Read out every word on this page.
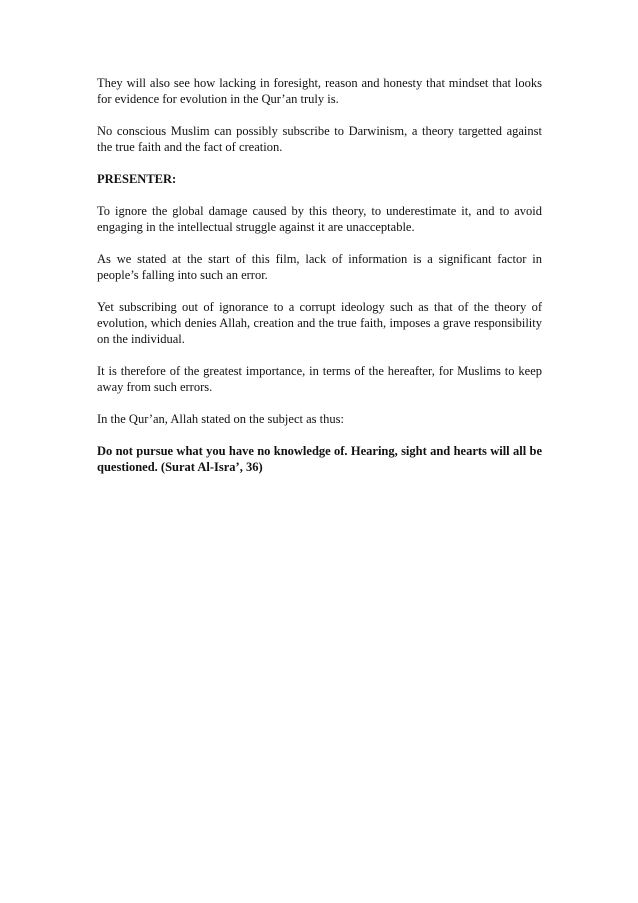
They will also see how lacking in foresight, reason and honesty that mindset that looks for evidence for evolution in the Qur’an truly is.

No conscious Muslim can possibly subscribe to Darwinism, a theory targetted against the true faith and the fact of creation.

PRESENTER:

To ignore the global damage caused by this theory, to underestimate it, and to avoid engaging in the intellectual struggle against it are unacceptable.

As we stated at the start of this film, lack of information is a significant factor in people’s falling into such an error.

Yet subscribing out of ignorance to a corrupt ideology such as that of the theory of evolution, which denies Allah, creation and the true faith, imposes a grave responsibility on the individual.

It is therefore of the greatest importance, in terms of the hereafter, for Muslims to keep away from such errors.

In the Qur’an, Allah stated on the subject as thus:

Do not pursue what you have no knowledge of. Hearing, sight and hearts will all be questioned. (Surat Al-Isra’, 36)
